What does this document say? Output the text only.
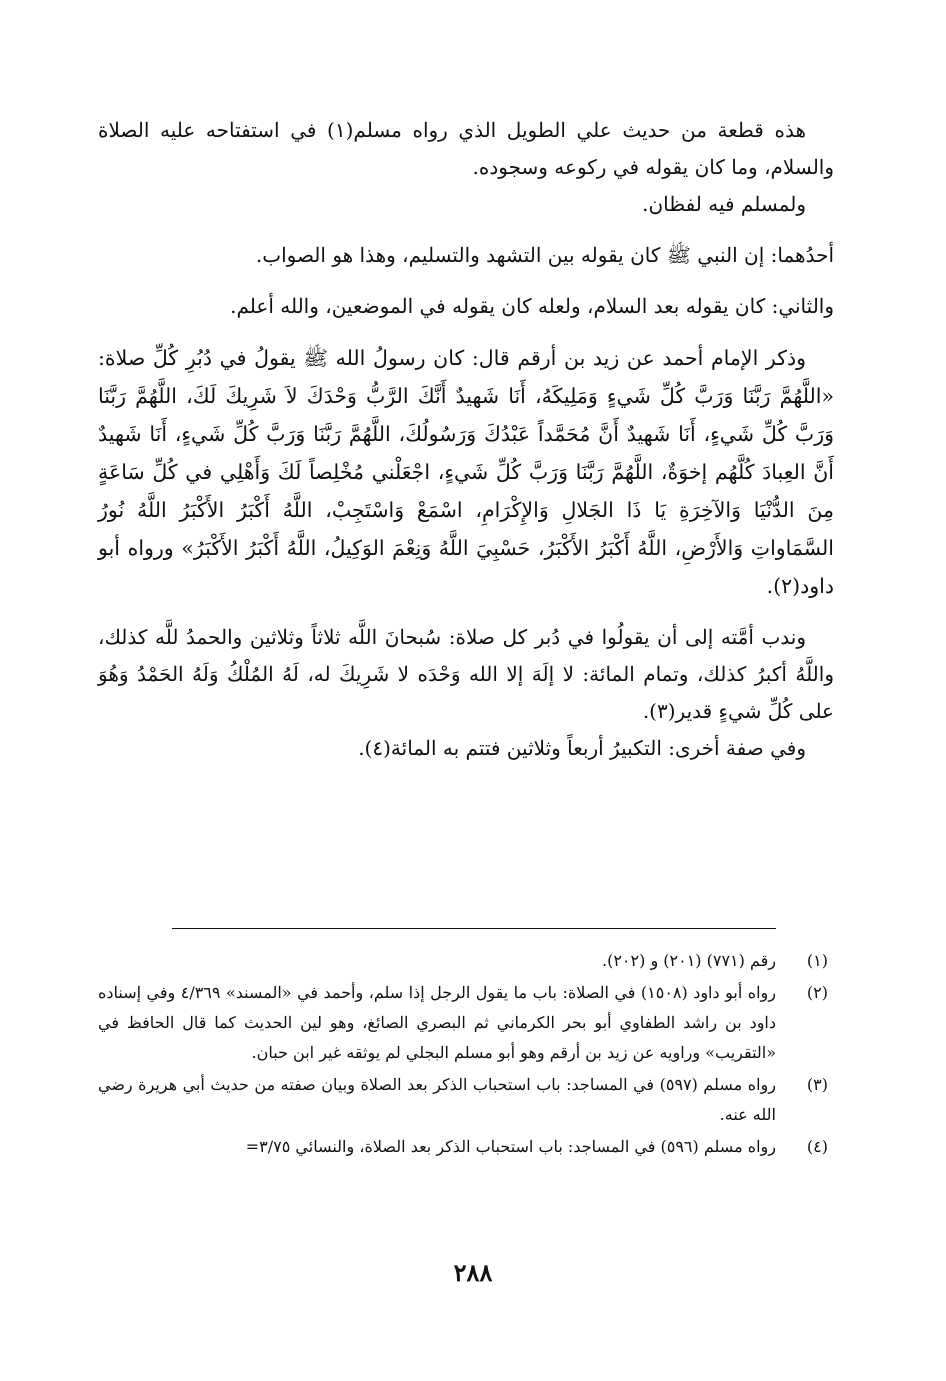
هذه قطعة من حديث علي الطويل الذي رواه مسلم(١) في استفتاحه عليه الصلاة والسلام، وما كان يقوله في ركوعه وسجوده.

ولمسلم فيه لفظان.

أحدُهما: إن النبي ﷺ كان يقوله بين التشهد والتسليم، وهذا هو الصواب.

والثاني: كان يقوله بعد السلام، ولعله كان يقوله في الموضعين، والله أعلم.

وذكر الإمام أحمد عن زيد بن أرقم قال: كان رسولُ الله ﷺ يقولُ في دُبُرِ كُلِّ صلاة: «اللَّهُمَّ رَبَّنَا وَرَبَّ كُلِّ شَيءٍ وَمَلِيكَهُ، أَنَا شَهيدٌ أَنَّكَ الرَّبُّ وَحْدَكَ لاَ شَرِيكَ لَكَ، اللَّهُمَّ رَبَّنَا وَرَبَّ كُلِّ شَيءٍ، أَنَا شَهيدٌ أَنَّ مُحَمَّداً عَبْدُكَ وَرَسُولُكَ، اللَّهُمَّ رَبَّنَا وَرَبَّ كُلِّ شَيءٍ، أَنَا شَهيدٌ أَنَّ العِبادَ كُلَّهُم إخوَةٌ، اللَّهُمَّ رَبَّنَا وَرَبَّ كُلِّ شَيءٍ، اجْعَلْني مُخْلِصاً لَكَ وَأَهْلِي في كُلِّ سَاعَةٍ مِنَ الدُّنْيَا وَالآخِرَةِ يَا ذَا الجَلالِ وَالإِكْرَامِ، اسْمَعْ وَاسْتَجِبْ، اللَّهُ أَكْبَرُ الأَكْبَرُ اللَّهُ نُورُ السَّمَاواتِ وَالأَرْضِ، اللَّهُ أَكْبَرُ الأَكْبَرُ، حَسْبِيَ اللَّهُ وَنِعْمَ الوَكِيلُ، اللَّهُ أَكْبَرُ الأَكْبَرُ» ورواه أبو داود(٢).

وندب أمَّته إلى أن يقولُوا في دُبر كل صلاة: سُبحانَ اللَّه ثلاثاً وثلاثين والحمدُ للَّه كذلك، واللَّهُ أكبرُ كذلك، وتمام المائة: لا إلَهَ إلا الله وَحْدَه لا شَرِيكَ له، لَهُ المُلْكُ وَلَهُ الحَمْدُ وَهُوَ على كُلِّ شيءٍ قدير(٣).

وفي صفة أخرى: التكبيرُ أربعاً وثلاثين فتتم به المائة(٤).

(١)
رقم (٧٧١) (٢٠١) و (٢٠٢).
(٢)
رواه أبو داود (١٥٠٨) في الصلاة: باب ما يقول الرجل إذا سلم، وأحمد في «المسند» ٤/٣٦٩ وفي إسناده داود بن راشد الطفاوي أبو بحر الكرماني ثم البصري الصائغ، وهو لين الحديث كما قال الحافظ في «التقريب» وراويه عن زيد بن أرقم وهو أبو مسلم البجلي لم يوثقه غير ابن حبان.
(٣)
رواه مسلم (٥٩٧) في المساجد: باب استحباب الذكر بعد الصلاة وبيان صفته من حديث أبي هريرة رضي الله عنه.
(٤)
رواه مسلم (٥٩٦) في المساجد: باب استحباب الذكر بعد الصلاة، والنسائي ٣/٧٥=
٢٨٨
